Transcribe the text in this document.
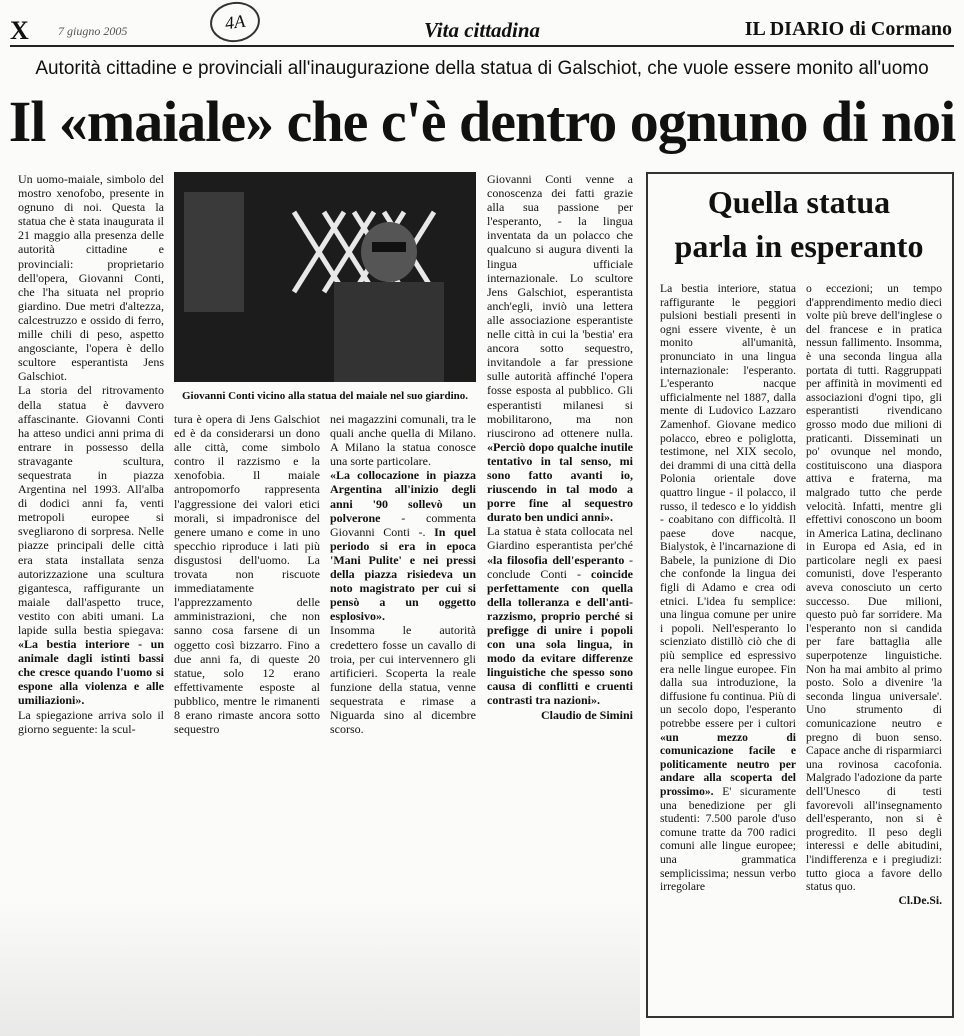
X 7 giugno 2005	4A	Vita cittadina	IL DIARIO di Cormano
Autorità cittadine e provinciali all'inaugurazione della statua di Galschiot, che vuole essere monito all'uomo
Il «maiale» che c'è dentro ognuno di noi

Un uomo-maiale, simbolo del mostro xenofobo, presente in ognuno di noi. Questa la statua che è stata inaugurata il 21 maggio alla presenza delle autorità cittadine e provinciali: proprietario dell'opera, Giovanni Conti, che l'ha situata nel proprio giardino. Due metri d'altezza, calcestruzzo e ossido di ferro, mille chili di peso, aspetto angosciante, l'opera è dello scultore esperantista Jens Galschiot.

La storia del ritrovamento della statua è davvero affascinante. Giovanni Conti ha atteso undici anni prima di entrare in possesso della stravagante scultura, sequestrata in piazza Argentina nel 1993. All'alba di dodici anni fa, venti metropoli europee si svegliarono di sorpresa. Nelle piazze principali delle città era stata installata senza autorizzazione una scultura gigantesca, raffigurante un maiale dall'aspetto truce, vestito con abiti umani. La lapide sulla bestia spiegava: «La bestia interiore - un animale dagli istinti bassi che cresce quando l'uomo si espone alla violenza e alle umiliazioni».

La spiegazione arriva solo il giorno seguente: la scul-

Giovanni Conti vicino alla statua del maiale nel suo giardino.

tura è opera di Jens Galschiot ed è da considerarsi un dono alle città, come simbolo contro il razzismo e la xenofobia. Il maiale antropomorfo rappresenta l'aggressione dei valori etici morali, si impadronisce del genere umano e come in uno specchio riproduce i lati più disgustosi dell'uomo. La trovata non riscuote immediatamente l'apprezzamento delle amministrazioni, che non sanno cosa farsene di un oggetto così bizzarro. Fino a due anni fa, di queste 20 statue, solo 12 erano effettivamente esposte al pubblico, mentre le rimanenti 8 erano rimaste ancora sotto sequestro

nei magazzini comunali, tra le quali anche quella di Milano. A Milano la statua conosce una sorte particolare.

«La collocazione in piazza Argentina all'inizio degli anni '90 sollevò un polverone - commenta Giovanni Conti -. In quel periodo si era in epoca 'Mani Pulite' e nei pressi della piazza risiedeva un noto magistrato per cui si pensò a un oggetto esplosivo».

Insomma le autorità credettero fosse un cavallo di troia, per cui intervennero gli artificieri. Scoperta la reale funzione della statua, venne sequestrata e rimase a Niguarda sino al dicembre scorso.

Giovanni Conti venne a conoscenza dei fatti grazie alla sua passione per l'esperanto, - la lingua inventata da un polacco che qualcuno si augura diventi la lingua ufficiale internazionale. Lo scultore Jens Galschiot, esperantista anch'egli, inviò una lettera alle associazione esperantiste nelle città in cui la 'bestia' era ancora sotto sequestro, invitandole a far pressione sulle autorità affinché l'opera fosse esposta al pubblico. Gli esperantisti milanesi si mobilitarono, ma non riuscirono ad ottenere nulla. «Perciò dopo qualche inutile tentativo in tal senso, mi sono fatto avanti io, riuscendo in tal modo a porre fine al sequestro durato ben undici anni».

La statua è stata collocata nel Giardino esperantista per'ché «la filosofia dell'esperanto - conclude Conti - coincide perfettamente con quella della tolleranza e dell'anti-razzismo, proprio perché si prefigge di unire i popoli con una sola lingua, in modo da evitare differenze linguistiche che spesso sono causa di conflitti e cruenti contrasti tra nazioni».

Claudio de Simini

Quella statua
parla in esperanto

La bestia interiore, statua raffigurante le peggiori pulsioni bestiali presenti in ogni essere vivente, è un monito all'umanità, pronunciato in una lingua internazionale: l'esperanto. L'esperanto nacque ufficialmente nel 1887, dalla mente di Ludovico Lazzaro Zamenhof. Giovane medico polacco, ebreo e poliglotta, testimone, nel XIX secolo, dei drammi di una città della Polonia orientale dove quattro lingue - il polacco, il russo, il tedesco e lo yiddish - coabitano con difficoltà. Il paese dove nacque, Bialystok, è l'incarnazione di Babele, la punizione di Dio che confonde la lingua dei figli di Adamo e crea odi etnici. L'idea fu semplice: una lingua comune per unire i popoli. Nell'esperanto lo scienziato distillò ciò che di più semplice ed espressivo era nelle lingue europee. Fin dalla sua introduzione, la diffusione fu continua. Più di un secolo dopo, l'esperanto potrebbe essere per i cultori «un mezzo di comunicazione facile e politicamente neutro per andare alla scoperta del prossimo». E' sicuramente una benedizione per gli studenti: 7.500 parole d'uso comune tratte da 700 radici comuni alle lingue europee; una grammatica semplicissima; nessun verbo irregolare

o eccezioni; un tempo d'apprendimento medio dieci volte più breve dell'inglese o del francese e in pratica nessun fallimento. Insomma, è una seconda lingua alla portata di tutti. Raggruppati per affinità in movimenti ed associazioni d'ogni tipo, gli esperantisti rivendicano grosso modo due milioni di praticanti. Disseminati un po' ovunque nel mondo, costituiscono una diaspora attiva e fraterna, ma malgrado tutto che perde velocità. Infatti, mentre gli effettivi conoscono un boom in America Latina, declinano in Europa ed Asia, ed in particolare negli ex paesi comunisti, dove l'esperanto aveva conosciuto un certo successo. Due milioni, questo può far sorridere. Ma l'esperanto non si candida per fare battaglia alle superpotenze linguistiche. Non ha mai ambito al primo posto. Solo a divenire 'la seconda lingua universale'. Uno strumento di comunicazione neutro e pregno di buon senso. Capace anche di risparmiarci una rovinosa cacofonia. Malgrado l'adozione da parte dell'Unesco di testi favorevoli all'insegnamento dell'esperanto, non si è progredito. Il peso degli interessi e delle abitudini, l'indifferenza e i pregiudizi: tutto gioca a favore dello status quo.

Cl.De.Si.
